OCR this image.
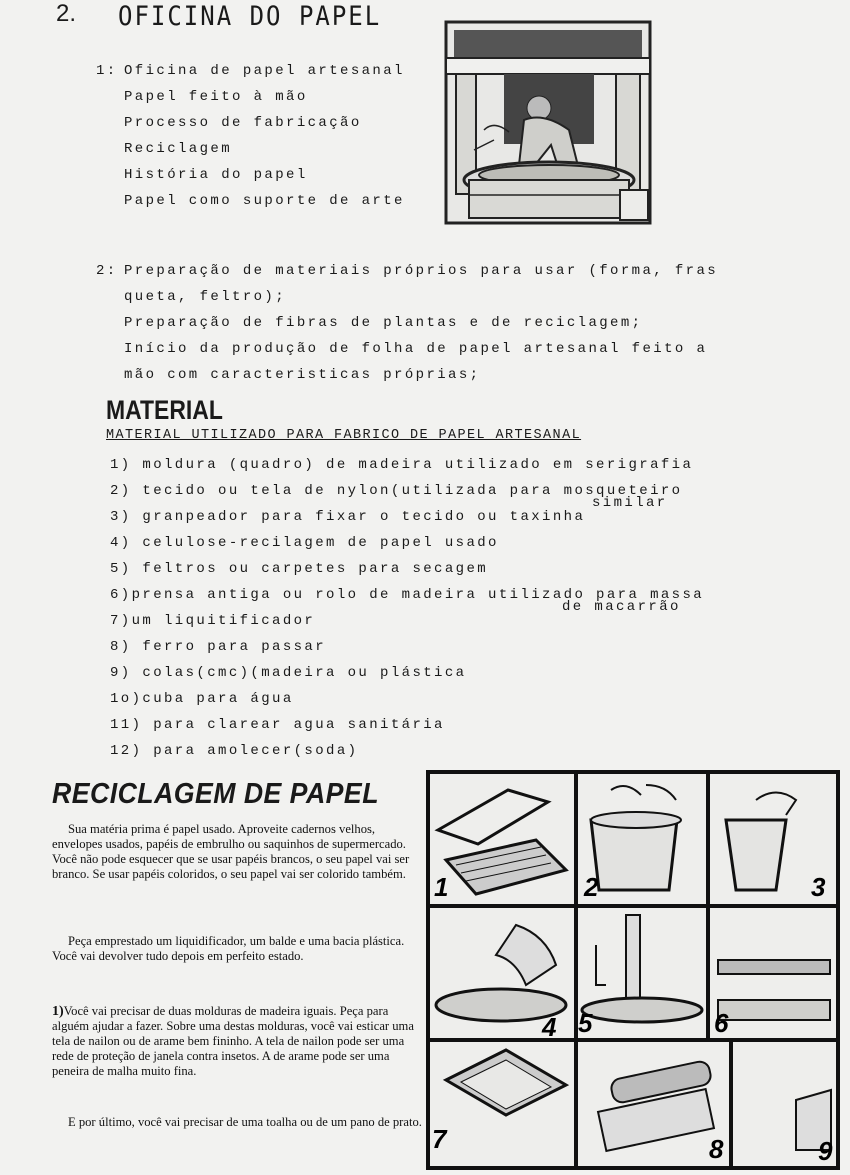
2. OFICINA DO PAPEL
1: Oficina de papel artesanal
Papel feito à mão
Processo de fabricação
Reciclagem
História do papel
Papel como suporte de arte
2: Preparação de materiais próprios para usar (forma, fras
queta, feltro);
Preparação de fibras de plantas e de reciclagem;
Início da produção de folha de papel artesanal feito a
mão com caracteristicas próprias;
MATERIAL
MATERIAL UTILIZADO PARA FABRICO DE PAPEL ARTESANAL
1) moldura (quadro) de madeira utilizado em serigrafia
2) tecido ou tela de nylon(utilizada para mosqueteiro
similar
3) granpeador para fixar o tecido ou taxinha
4) celulose-recilagem de papel usado
5) feltros ou carpetes para secagem
6)prensa antiga ou rolo de madeira utilizado para massa
de macarrão
7)um liquitificador
8) ferro para passar
9) colas(cmc)(madeira ou plástica
1o)cuba para água
11) para clarear agua sanitária
12) para amolecer(soda)
RECICLAGEM DE PAPEL
Sua matéria prima é papel usado. Aproveite cadernos velhos, envelopes usados, papéis de embrulho ou saquinhos de supermercado. Você não pode esquecer que se usar papéis brancos, o seu papel vai ser branco. Se usar papéis coloridos, o seu papel vai ser colorido também.
Peça emprestado um liquidificador, um balde e uma bacia plástica. Você vai devolver tudo depois em perfeito estado.
1)Você vai precisar de duas molduras de madeira iguais. Peça para alguém ajudar a fazer. Sobre uma destas molduras, você vai esticar uma tela de nailon ou de arame bem fininho. A tela de nailon pode ser uma rede de proteção de janela contra insetos. A de arame pode ser uma peneira de malha muito fina.
E por último, você vai precisar de uma toalha ou de um pano de prato.
1	2	3
4 5	6
7	8	9
